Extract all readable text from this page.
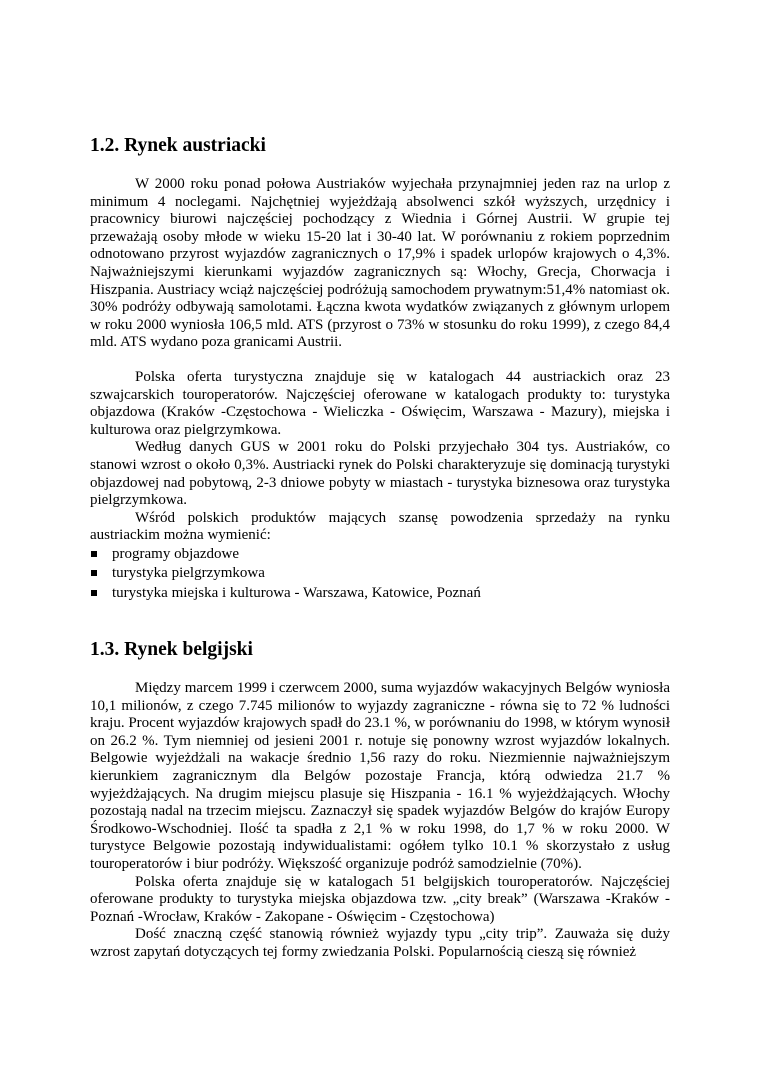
1.2. Rynek austriacki

W 2000 roku ponad połowa Austriaków wyjechała przynajmniej jeden raz na urlop z minimum 4 noclegami. Najchętniej wyjeżdżają absolwenci szkół wyższych, urzędnicy i pracownicy biurowi najczęściej pochodzący z Wiednia i Górnej Austrii. W grupie tej przeważają osoby młode w wieku 15-20 lat i 30-40 lat. W porównaniu z rokiem poprzednim odnotowano przyrost wyjazdów zagranicznych o 17,9% i spadek urlopów krajowych o 4,3%. Najważniejszymi kierunkami wyjazdów zagranicznych są: Włochy, Grecja, Chorwacja i Hiszpania. Austriacy wciąż najczęściej podróżują samochodem prywatnym:51,4% natomiast ok. 30% podróży odbywają samolotami. Łączna kwota wydatków związanych z głównym urlopem w roku 2000 wyniosła 106,5 mld. ATS (przyrost o 73% w stosunku do roku 1999), z czego 84,4 mld. ATS wydano poza granicami Austrii.

Polska oferta turystyczna znajduje się w katalogach 44 austriackich oraz 23 szwajcarskich touroperatorów. Najczęściej oferowane w katalogach produkty to: turystyka objazdowa (Kraków -Częstochowa - Wieliczka - Oświęcim, Warszawa - Mazury), miejska i kulturowa oraz pielgrzymkowa.

Według danych GUS w 2001 roku do Polski przyjechało 304 tys. Austriaków, co stanowi wzrost o około 0,3%. Austriacki rynek do Polski charakteryzuje się dominacją turystyki objazdowej nad pobytową, 2-3 dniowe pobyty w miastach - turystyka biznesowa oraz turystyka pielgrzymkowa.

Wśród polskich produktów mających szansę powodzenia sprzedaży na rynku austriackim można wymienić:

programy objazdowe
turystyka pielgrzymkowa
turystyka miejska i kulturowa - Warszawa, Katowice, Poznań
1.3. Rynek belgijski

Między marcem 1999 i czerwcem 2000, suma wyjazdów wakacyjnych Belgów wyniosła 10,1 milionów, z czego 7.745 milionów to wyjazdy zagraniczne - równa się to 72 % ludności kraju. Procent wyjazdów krajowych spadł do 23.1 %, w porównaniu do 1998, w którym wynosił on 26.2 %. Tym niemniej od jesieni 2001 r. notuje się ponowny wzrost wyjazdów lokalnych. Belgowie wyjeżdżali na wakacje średnio 1,56 razy do roku. Niezmiennie najważniejszym kierunkiem zagranicznym dla Belgów pozostaje Francja, którą odwiedza 21.7 % wyjeżdżających. Na drugim miejscu plasuje się Hiszpania - 16.1 % wyjeżdżających. Włochy pozostają nadal na trzecim miejscu. Zaznaczył się spadek wyjazdów Belgów do krajów Europy Środkowo-Wschodniej. Ilość ta spadła z 2,1 % w roku 1998, do 1,7 % w roku 2000. W turystyce Belgowie pozostają indywidualistami: ogółem tylko 10.1 % skorzystało z usług touroperatorów i biur podróży. Większość organizuje podróż samodzielnie (70%).

Polska oferta znajduje się w katalogach 51 belgijskich touroperatorów. Najczęściej oferowane produkty to turystyka miejska objazdowa tzw. „city break” (Warszawa -Kraków - Poznań -Wrocław, Kraków - Zakopane - Oświęcim - Częstochowa)

Dość znaczną część stanowią również wyjazdy typu „city trip”. Zauważa się duży wzrost zapytań dotyczących tej formy zwiedzania Polski. Popularnością cieszą się również
